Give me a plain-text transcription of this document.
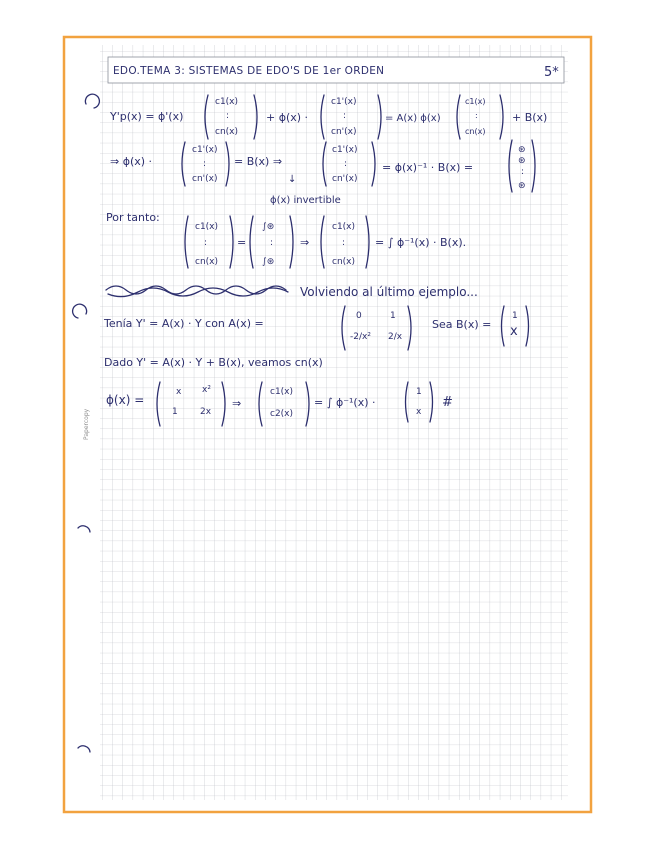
Papercopy
EDO.TEMA 3: SISTEMAS DE EDO'S DE 1er ORDEN	5*
Y'p(x) = ɸ'(x)
c1(x)
:
cn(x)
+ ɸ(x) ·
c1'(x)
:
cn'(x)
= A(x) ɸ(x)
c1(x)
:
cn(x)
+ B(x)
⇒ ɸ(x) ·
c1'(x)
:
cn'(x)
= B(x) ⇒
↓
c1'(x)
:
cn'(x)
= ɸ(x)⁻¹ · B(x) =
⊛
⊛
:
⊛
ɸ(x) invertible
Por tanto:
c1(x)
:
cn(x)
=
∫⊛
:
∫⊛
⇒
c1(x)
:
cn(x)
= ∫ ɸ⁻¹(x) · B(x).
Volviendo al último ejemplo...
Tenía Y' = A(x) · Y con A(x) =
0	1
-2/x² 2/x
Sea B(x) =
1
x
Dado Y' = A(x) · Y + B(x), veamos cn(x)
ɸ(x) =
x x²
1 2x
⇒
c1(x)
c2(x)
= ∫ ɸ⁻¹(x) ·
1
x
#
